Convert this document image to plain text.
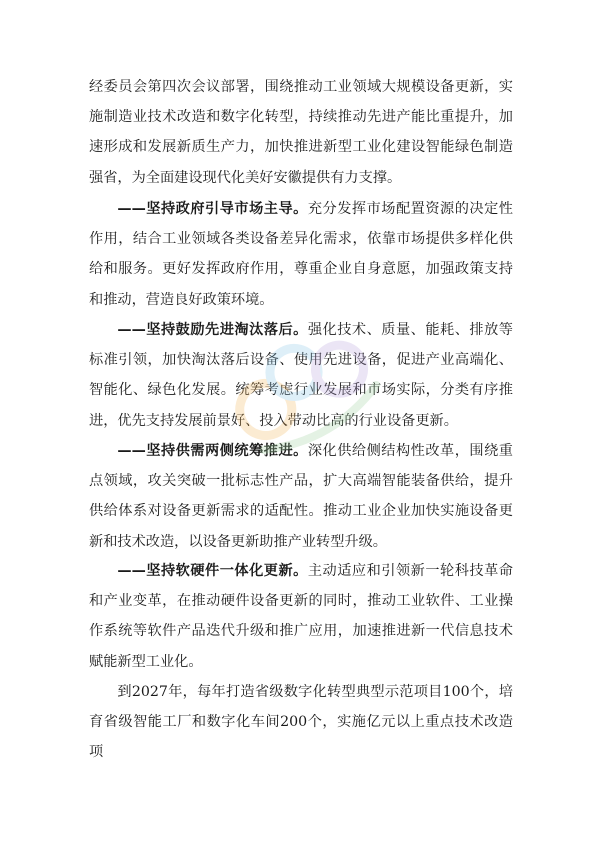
经委员会第四次会议部署，围绕推动工业领域大规模设备更新，实施制造业技术改造和数字化转型，持续推动先进产能比重提升，加速形成和发展新质生产力，加快推进新型工业化建设智能绿色制造强省，为全面建设现代化美好安徽提供有力支撑。

——坚持政府引导市场主导。充分发挥市场配置资源的决定性作用，结合工业领域各类设备差异化需求，依靠市场提供多样化供给和服务。更好发挥政府作用，尊重企业自身意愿，加强政策支持和推动，营造良好政策环境。

——坚持鼓励先进淘汰落后。强化技术、质量、能耗、排放等标准引领，加快淘汰落后设备、使用先进设备，促进产业高端化、智能化、绿色化发展。统筹考虑行业发展和市场实际，分类有序推进，优先支持发展前景好、投入带动比高的行业设备更新。

——坚持供需两侧统筹推进。深化供给侧结构性改革，围绕重点领域，攻关突破一批标志性产品，扩大高端智能装备供给，提升供给体系对设备更新需求的适配性。推动工业企业加快实施设备更新和技术改造，以设备更新助推产业转型升级。

——坚持软硬件一体化更新。主动适应和引领新一轮科技革命和产业变革，在推动硬件设备更新的同时，推动工业软件、工业操作系统等软件产品迭代升级和推广应用，加速推进新一代信息技术赋能新型工业化。

到2027年，每年打造省级数字化转型典型示范项目100个，培育省级智能工厂和数字化车间200个，实施亿元以上重点技术改造项
